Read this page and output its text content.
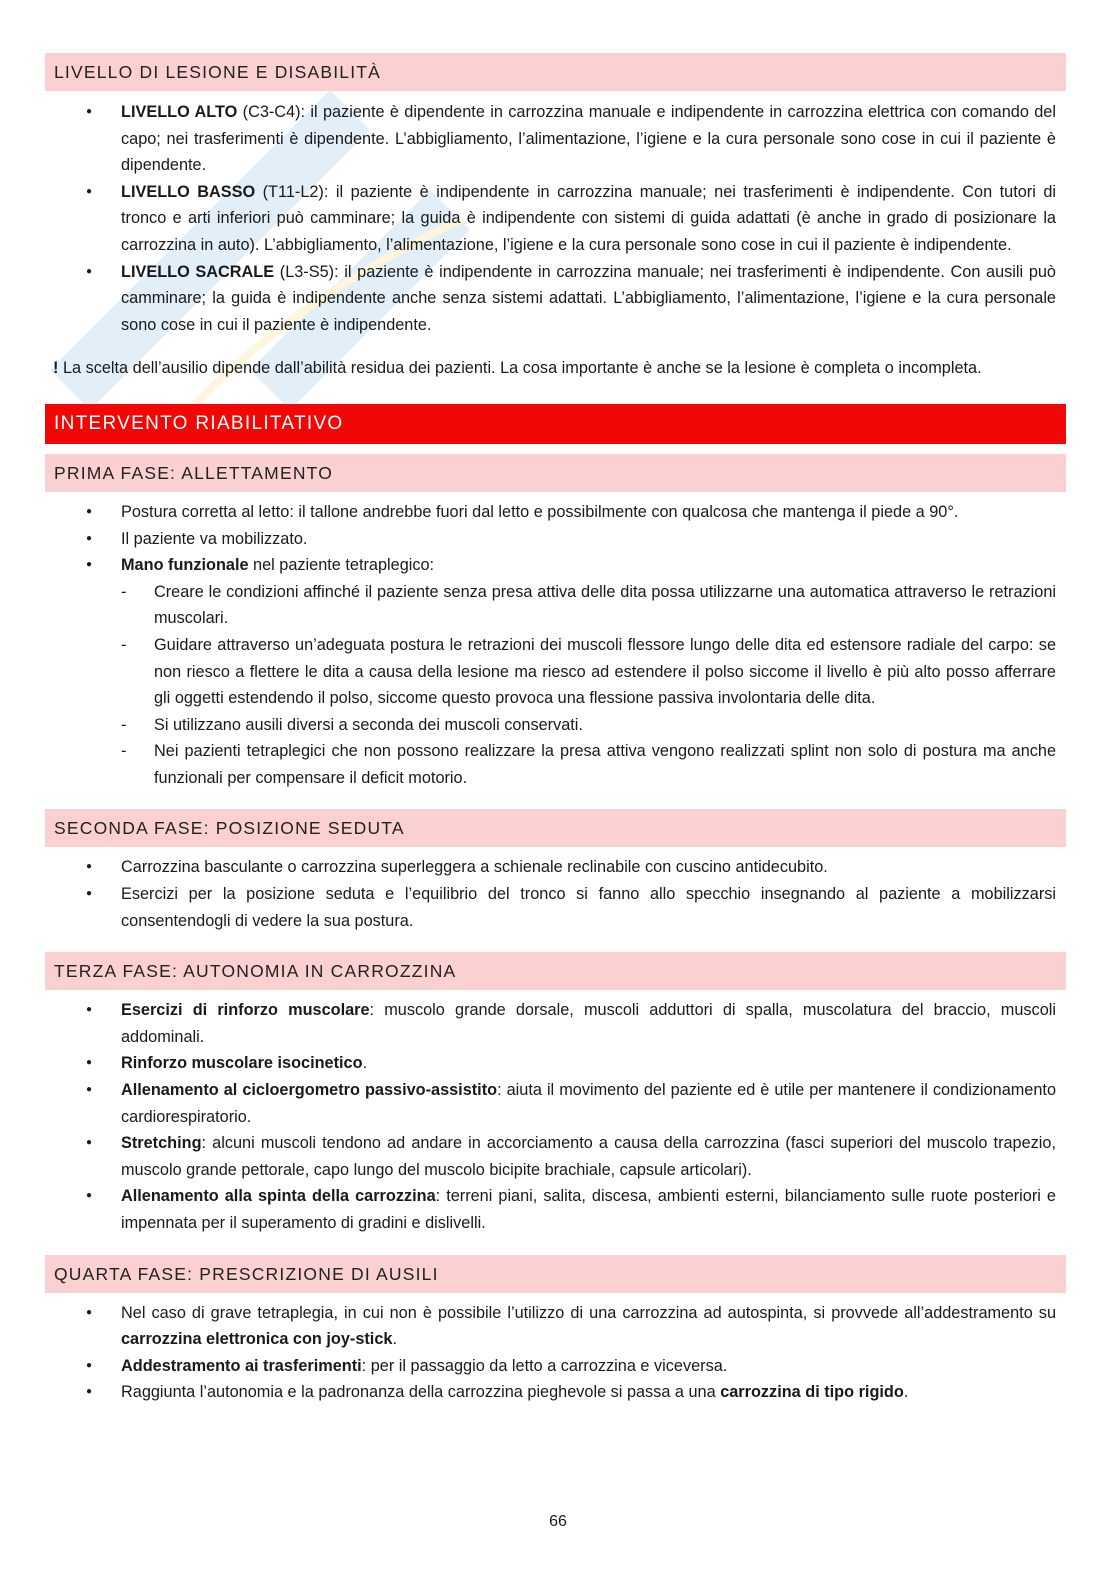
LIVELLO DI LESIONE E DISABILITÀ
● LIVELLO ALTO (C3-C4): il paziente è dipendente in carrozzina manuale e indipendente in carrozzina elettrica con comando del capo; nei trasferimenti è dipendente. L’abbigliamento, l’alimentazione, l’igiene e la cura personale sono cose in cui il paziente è dipendente.
● LIVELLO BASSO (T11-L2): il paziente è indipendente in carrozzina manuale; nei trasferimenti è indipendente. Con tutori di tronco e arti inferiori può camminare; la guida è indipendente con sistemi di guida adattati (è anche in grado di posizionare la carrozzina in auto). L’abbigliamento, l’alimentazione, l’igiene e la cura personale sono cose in cui il paziente è indipendente.
● LIVELLO SACRALE (L3-S5): il paziente è indipendente in carrozzina manuale; nei trasferimenti è indipendente. Con ausili può camminare; la guida è indipendente anche senza sistemi adattati. L’abbigliamento, l’alimentazione, l’igiene e la cura personale sono cose in cui il paziente è indipendente.

! La scelta dell’ausilio dipende dall’abilità residua dei pazienti. La cosa importante è anche se la lesione è completa o incompleta.

INTERVENTO RIABILITATIVO
PRIMA FASE: ALLETTAMENTO
● Postura corretta al letto: il tallone andrebbe fuori dal letto e possibilmente con qualcosa che mantenga il piede a 90°.
● Il paziente va mobilizzato.
● Mano funzionale nel paziente tetraplegico:
- Creare le condizioni affinché il paziente senza presa attiva delle dita possa utilizzarne una automatica attraverso le retrazioni muscolari.
- Guidare attraverso un’adeguata postura le retrazioni dei muscoli flessore lungo delle dita ed estensore radiale del carpo: se non riesco a flettere le dita a causa della lesione ma riesco ad estendere il polso siccome il livello è più alto posso afferrare gli oggetti estendendo il polso, siccome questo provoca una flessione passiva involontaria delle dita.
- Si utilizzano ausili diversi a seconda dei muscoli conservati.
- Nei pazienti tetraplegici che non possono realizzare la presa attiva vengono realizzati splint non solo di postura ma anche funzionali per compensare il deficit motorio.
SECONDA FASE: POSIZIONE SEDUTA
● Carrozzina basculante o carrozzina superleggera a schienale reclinabile con cuscino antidecubito.
● Esercizi per la posizione seduta e l’equilibrio del tronco si fanno allo specchio insegnando al paziente a mobilizzarsi consentendogli di vedere la sua postura.
TERZA FASE: AUTONOMIA IN CARROZZINA
● Esercizi di rinforzo muscolare: muscolo grande dorsale, muscoli adduttori di spalla, muscolatura del braccio, muscoli addominali.
● Rinforzo muscolare isocinetico.
● Allenamento al cicloergometro passivo-assistito: aiuta il movimento del paziente ed è utile per mantenere il condizionamento cardiorespiratorio.
● Stretching: alcuni muscoli tendono ad andare in accorciamento a causa della carrozzina (fasci superiori del muscolo trapezio, muscolo grande pettorale, capo lungo del muscolo bicipite brachiale, capsule articolari).
● Allenamento alla spinta della carrozzina: terreni piani, salita, discesa, ambienti esterni, bilanciamento sulle ruote posteriori e impennata per il superamento di gradini e dislivelli.
QUARTA FASE: PRESCRIZIONE DI AUSILI
● Nel caso di grave tetraplegia, in cui non è possibile l’utilizzo di una carrozzina ad autospinta, si provvede all’addestramento su carrozzina elettronica con joy-stick.
● Addestramento ai trasferimenti: per il passaggio da letto a carrozzina e viceversa.
● Raggiunta l’autonomia e la padronanza della carrozzina pieghevole si passa a una carrozzina di tipo rigido.
66
